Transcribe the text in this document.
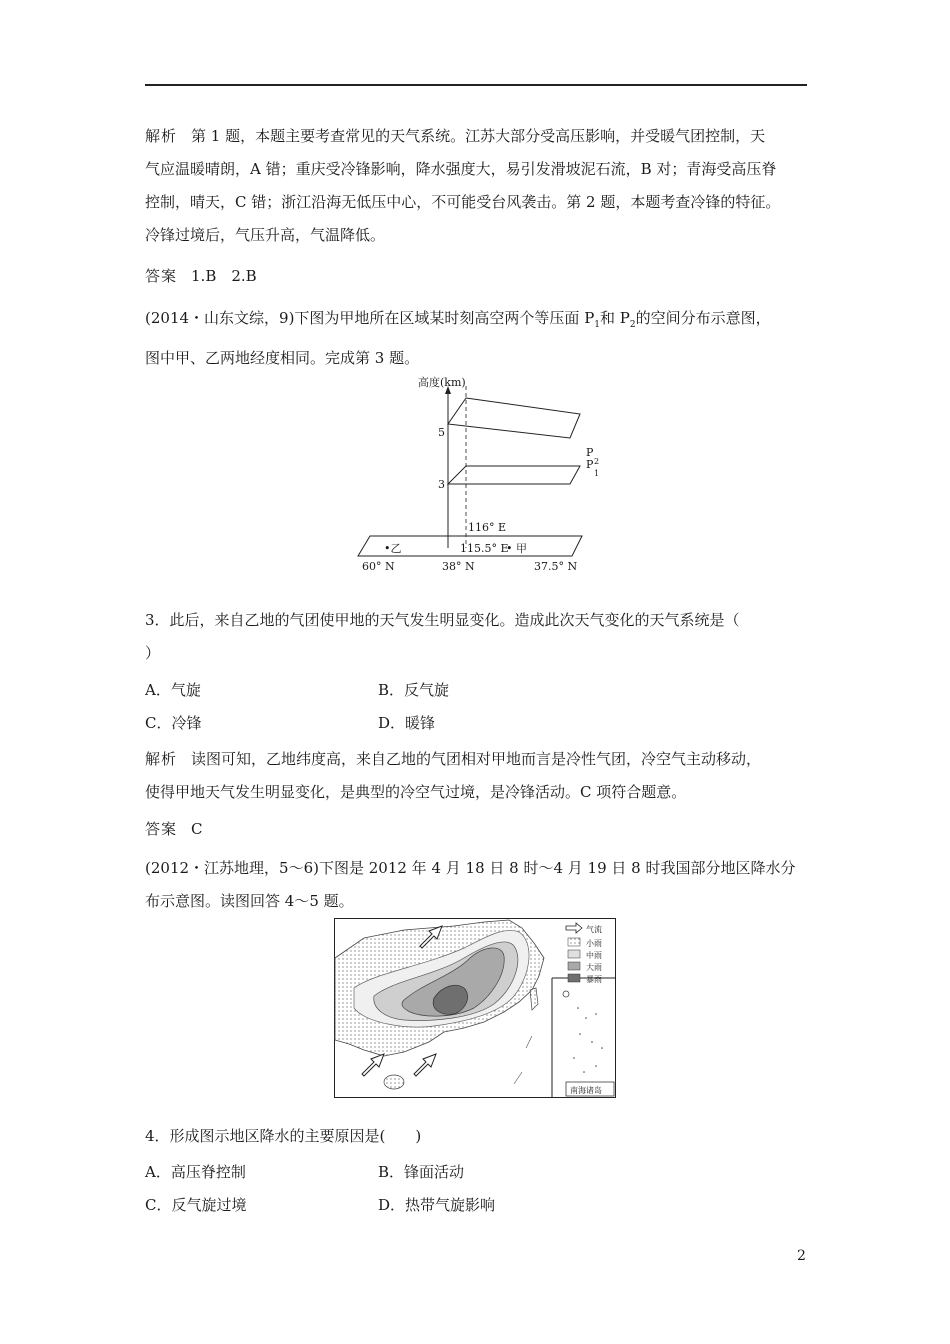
解析 第 1 题，本题主要考查常见的天气系统。江苏大部分受高压影响，并受暖气团控制，天
气应温暖晴朗，A 错；重庆受冷锋影响，降水强度大，易引发滑坡泥石流，B 对；青海受高压脊
控制，晴天，C 错；浙江沿海无低压中心，不可能受台风袭击。第 2 题，本题考查冷锋的特征。
冷锋过境后，气压升高，气温降低。
答案 1.B　2.B
(2014・山东文综，9)下图为甲地所在区域某时刻高空两个等压面 $P_1$和 $P_2$的空间分布示意图，
图中甲、乙两地经度相同。完成第 3 题。
高度(km)
5
P
3
P
116° E
115.5° E
• 甲
•乙
60° N	38° N	37.5° N
2
1
3．此后，来自乙地的气团使甲地的天气发生明显变化。造成此次天气变化的天气系统是（
）
A．气旋	B．反气旋
C．冷锋	D．暖锋
解析 读图可知，乙地纬度高，来自乙地的气团相对甲地而言是冷性气团，冷空气主动移动，
使得甲地天气发生明显变化，是典型的冷空气过境，是冷锋活动。C 项符合题意。
答案 C
(2012・江苏地理，5～6)下图是 2012 年 4 月 18 日 8 时～4 月 19 日 8 时我国部分地区降水分
布示意图。读图回答 4～5 题。
南海诸岛
气流
小雨
中雨
大雨
暴雨
4．形成图示地区降水的主要原因是(　　)
A．高压脊控制	B．锋面活动
C．反气旋过境	D．热带气旋影响
2
